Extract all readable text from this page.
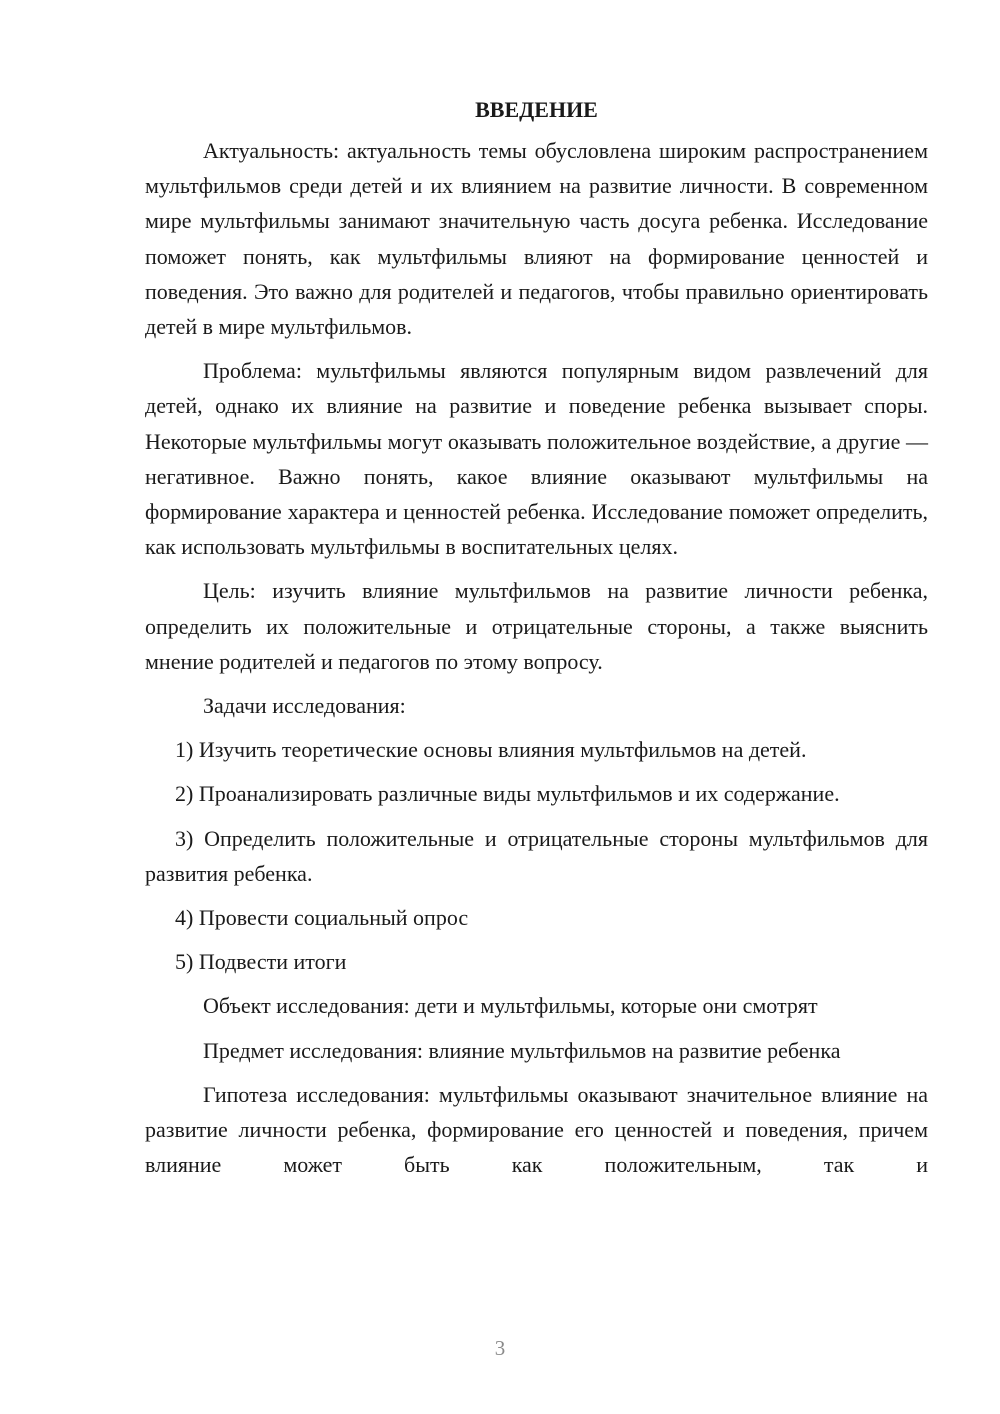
ВВЕДЕНИЕ

Актуальность: актуальность темы обусловлена широким распространением мультфильмов среди детей и их влиянием на развитие личности. В современном мире мультфильмы занимают значительную часть досуга ребенка. Исследование поможет понять, как мультфильмы влияют на формирование ценностей и поведения. Это важно для родителей и педагогов, чтобы правильно ориентировать детей в мире мультфильмов.

Проблема: мультфильмы являются популярным видом развлечений для детей, однако их влияние на развитие и поведение ребенка вызывает споры. Некоторые мультфильмы могут оказывать положительное воздействие, а другие — негативное. Важно понять, какое влияние оказывают мультфильмы на формирование характера и ценностей ребенка. Исследование поможет определить, как использовать мультфильмы в воспитательных целях.

Цель: изучить влияние мультфильмов на развитие личности ребенка, определить их положительные и отрицательные стороны, а также выяснить мнение родителей и педагогов по этому вопросу.

Задачи исследования:

1) Изучить теоретические основы влияния мультфильмов на детей.

2) Проанализировать различные виды мультфильмов и их содержание.

3) Определить положительные и отрицательные стороны мультфильмов для развития ребенка.

4) Провести социальный опрос

5) Подвести итоги

Объект исследования: дети и мультфильмы, которые они смотрят

Предмет исследования: влияние мультфильмов на развитие ребенка

Гипотеза исследования: мультфильмы оказывают значительное влияние на развитие личности ребенка, формирование его ценностей и поведения, причем влияние может быть как положительным, так и

3
